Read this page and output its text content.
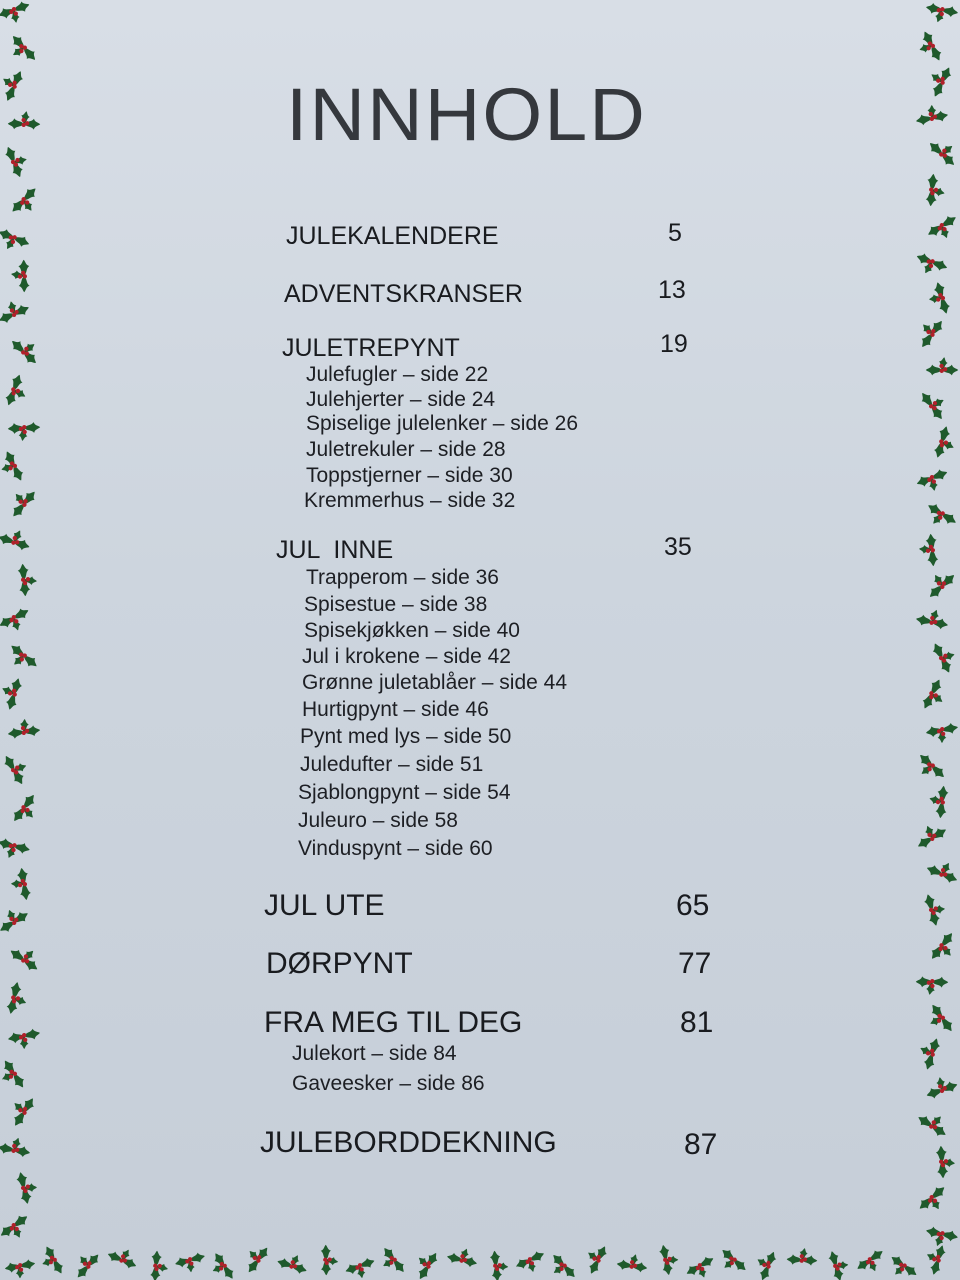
INNHOLD
JULEKALENDERE	5
ADVENTSKRANSER	13
JULETREPYNT	19
Julefugler – side 22
Julehjerter – side 24
Spiselige julelenker – side 26
Juletrekuler – side 28
Toppstjerner – side 30
Kremmerhus – side 32
JUL  INNE	35
Trapperom – side 36
Spisestue – side 38
Spisekjøkken – side 40
Jul i krokene – side 42
Grønne juletablåer – side 44
Hurtigpynt – side 46
Pynt med lys – side 50
Juledufter – side 51
Sjablongpynt – side 54
Juleuro – side 58
Vinduspynt – side 60
JUL UTE	65
DØRPYNT	77
FRA MEG TIL DEG	81
Julekort – side 84
Gaveesker – side 86
JULEBORDDEKNING	87
